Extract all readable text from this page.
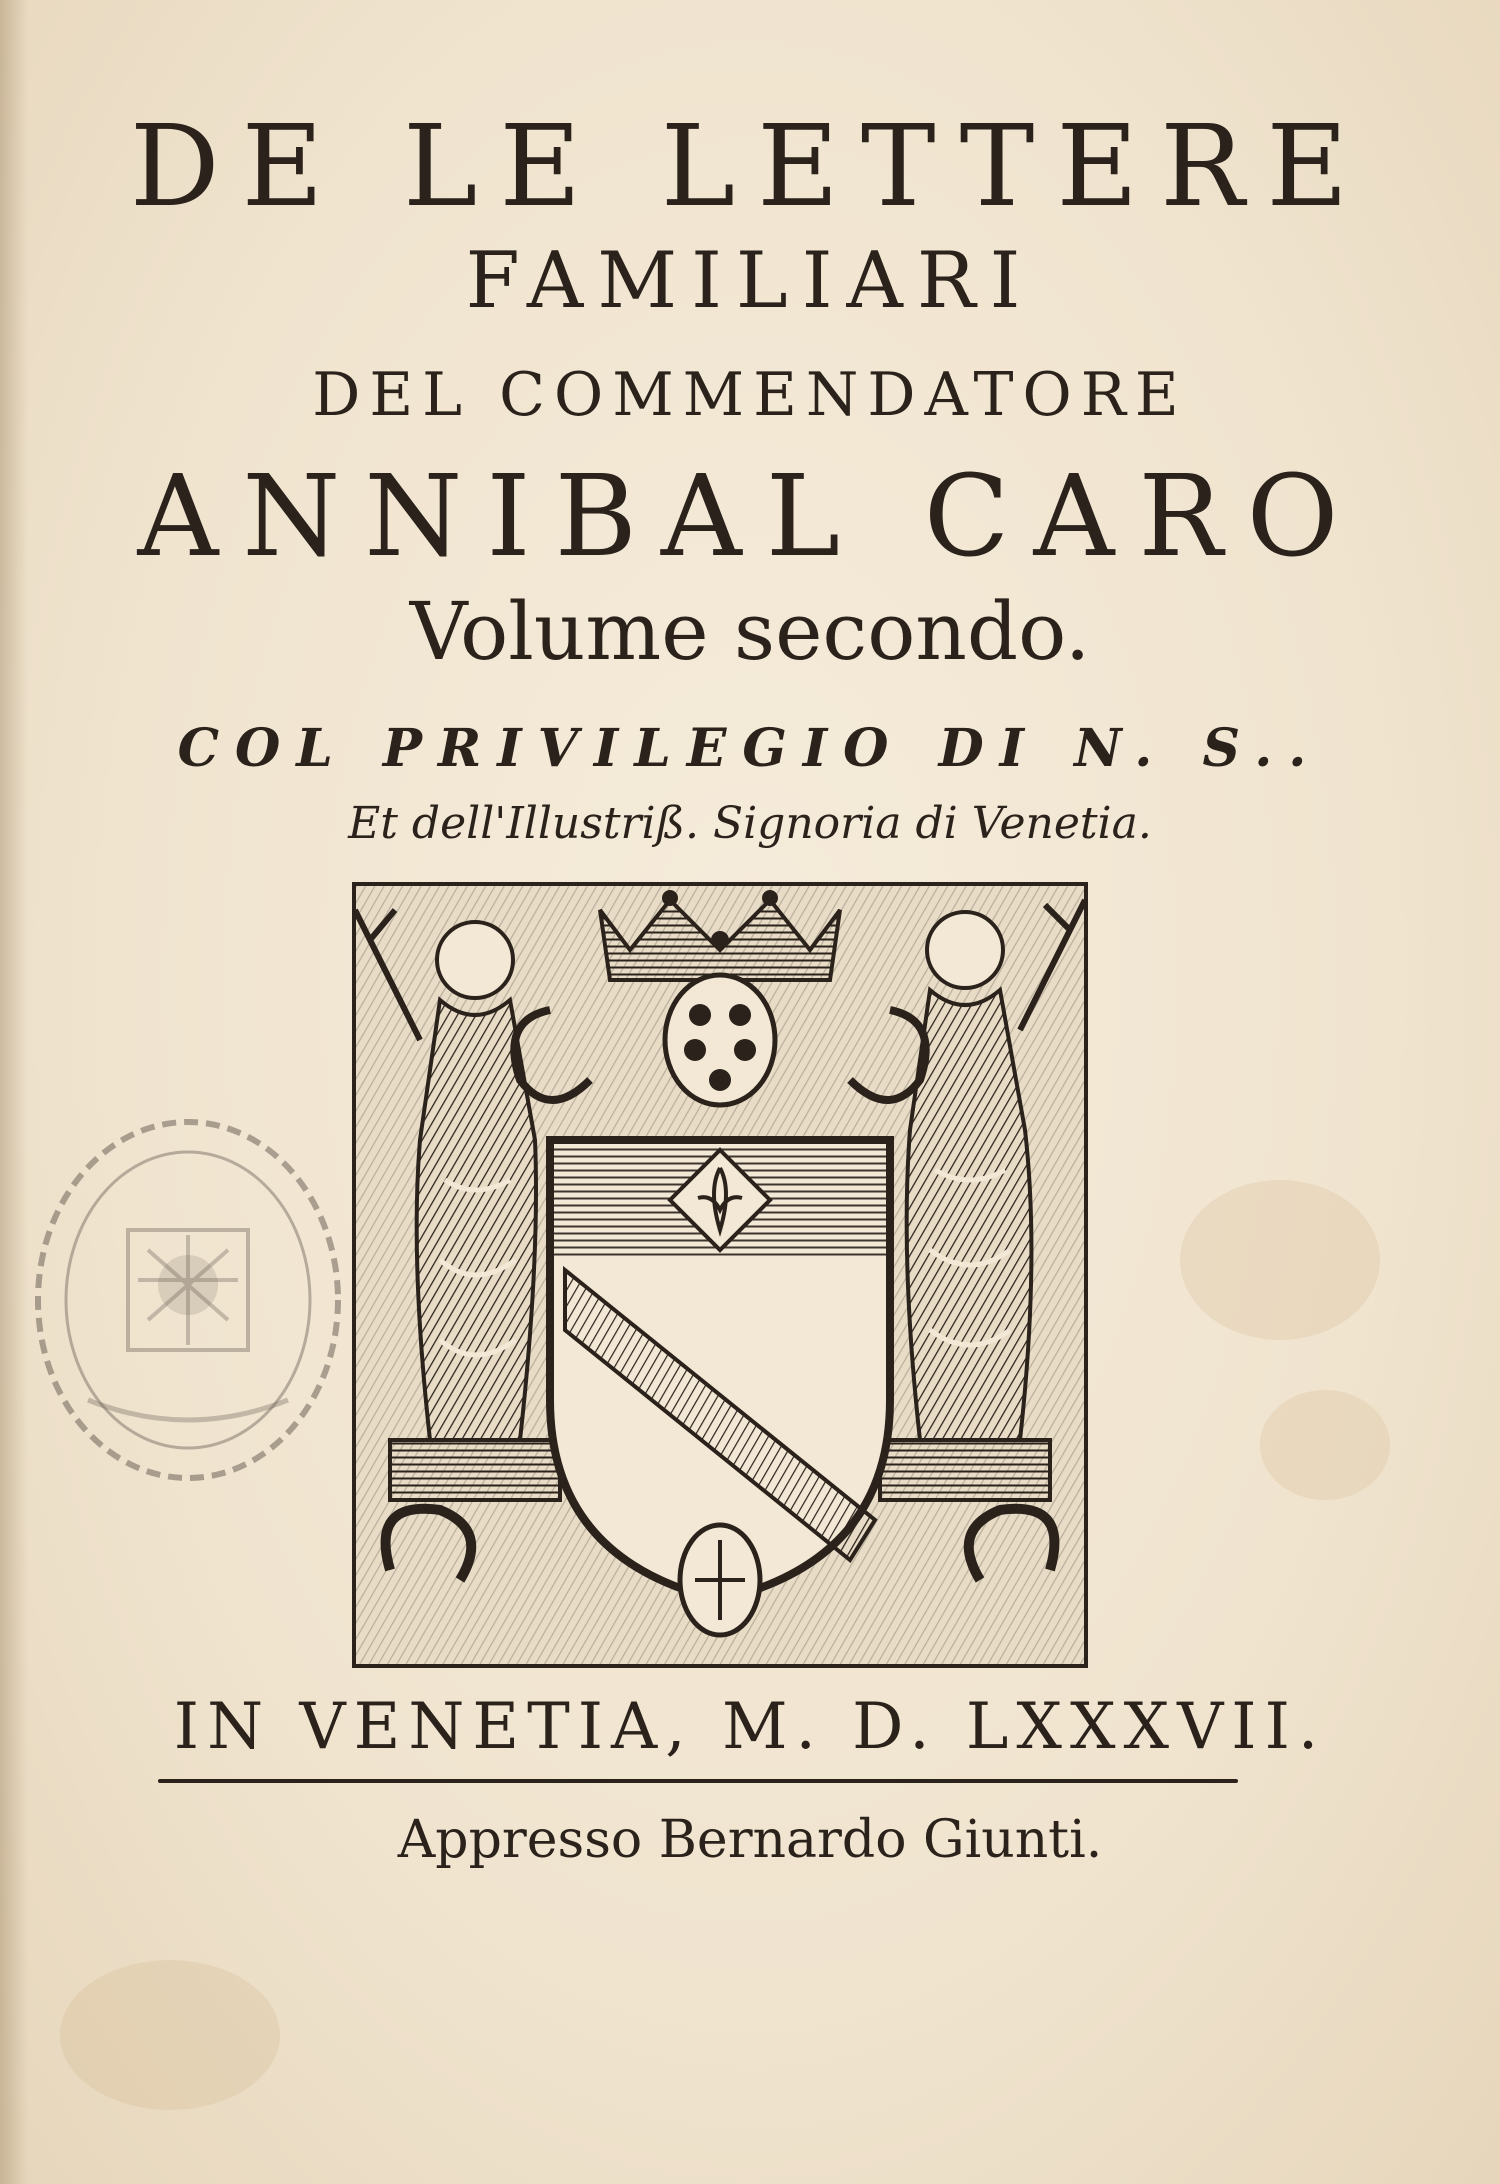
DE LE LETTERE
FAMILIARI
DEL COMMENDATORE
ANNIBAL CARO
Volume secondo.
COL PRIVILEGIO DI N. S..
Et dell'Illustriß. Signoria di Venetia.
IN VENETIA, M. D. LXXXVII.
Appresso Bernardo Giunti.
